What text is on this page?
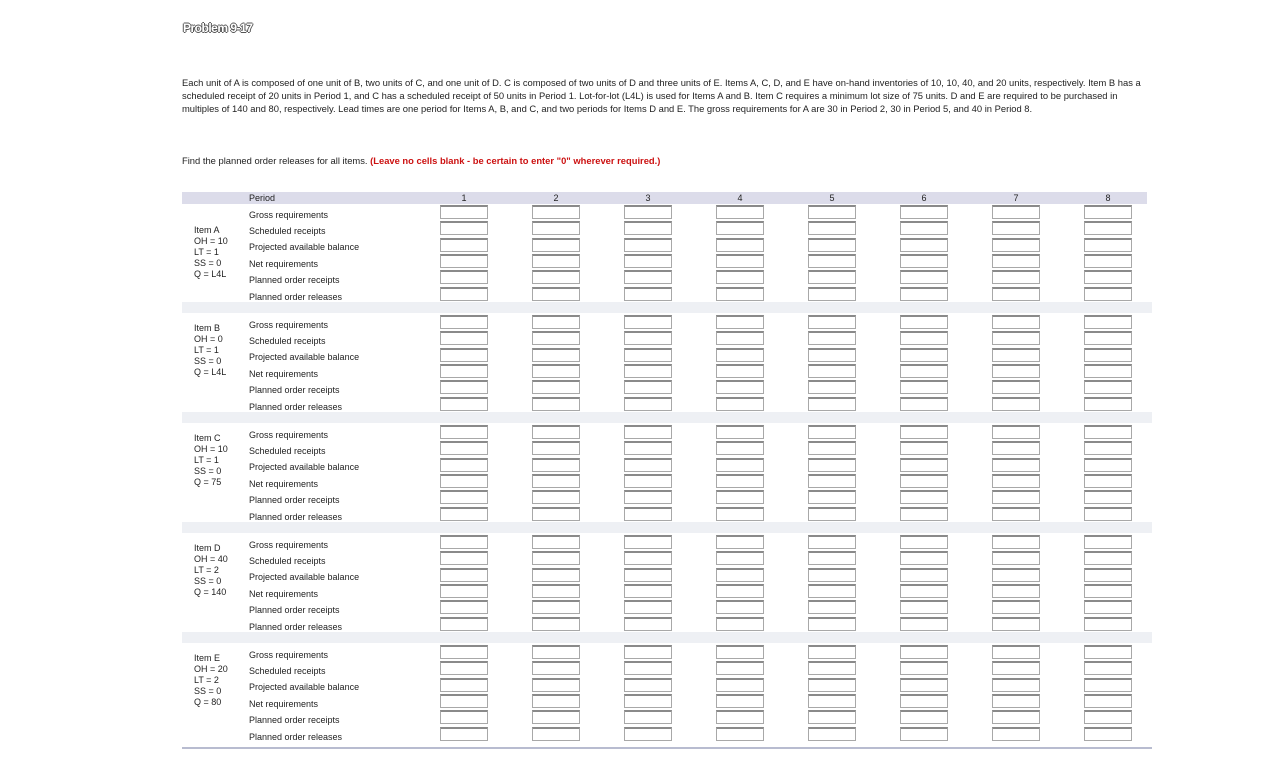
Problem 9-17
Each unit of A is composed of one unit of B, two units of C, and one unit of D. C is composed of two units of D and three units of E. Items A, C, D, and E have on-hand inventories of 10, 10, 40, and 20 units, respectively. Item B has a scheduled receipt of 20 units in Period 1, and C has a scheduled receipt of 50 units in Period 1. Lot-for-lot (L4L) is used for Items A and B. Item C requires a minimum lot size of 75 units. D and E are required to be purchased in multiples of 140 and 80, respectively. Lead times are one period for Items A, B, and C, and two periods for Items D and E. The gross requirements for A are 30 in Period 2, 30 in Period 5, and 40 in Period 8.
Find the planned order releases for all items. (Leave no cells blank - be certain to enter "0" wherever required.)
Period	1	2	3	4	5	6	7	8
Item A
OH = 10
LT = 1
SS = 0
Q = L4L
Gross requirements
Scheduled receipts
Projected available balance
Net requirements
Planned order receipts
Planned order releases
Item B
OH = 0
LT = 1
SS = 0
Q = L4L
Gross requirements
Scheduled receipts
Projected available balance
Net requirements
Planned order receipts
Planned order releases
Item C
OH = 10
LT = 1
SS = 0
Q = 75
Gross requirements
Scheduled receipts
Projected available balance
Net requirements
Planned order receipts
Planned order releases
Item D
OH = 40
LT = 2
SS = 0
Q = 140
Gross requirements
Scheduled receipts
Projected available balance
Net requirements
Planned order receipts
Planned order releases
Item E
OH = 20
LT = 2
SS = 0
Q = 80
Gross requirements
Scheduled receipts
Projected available balance
Net requirements
Planned order receipts
Planned order releases
